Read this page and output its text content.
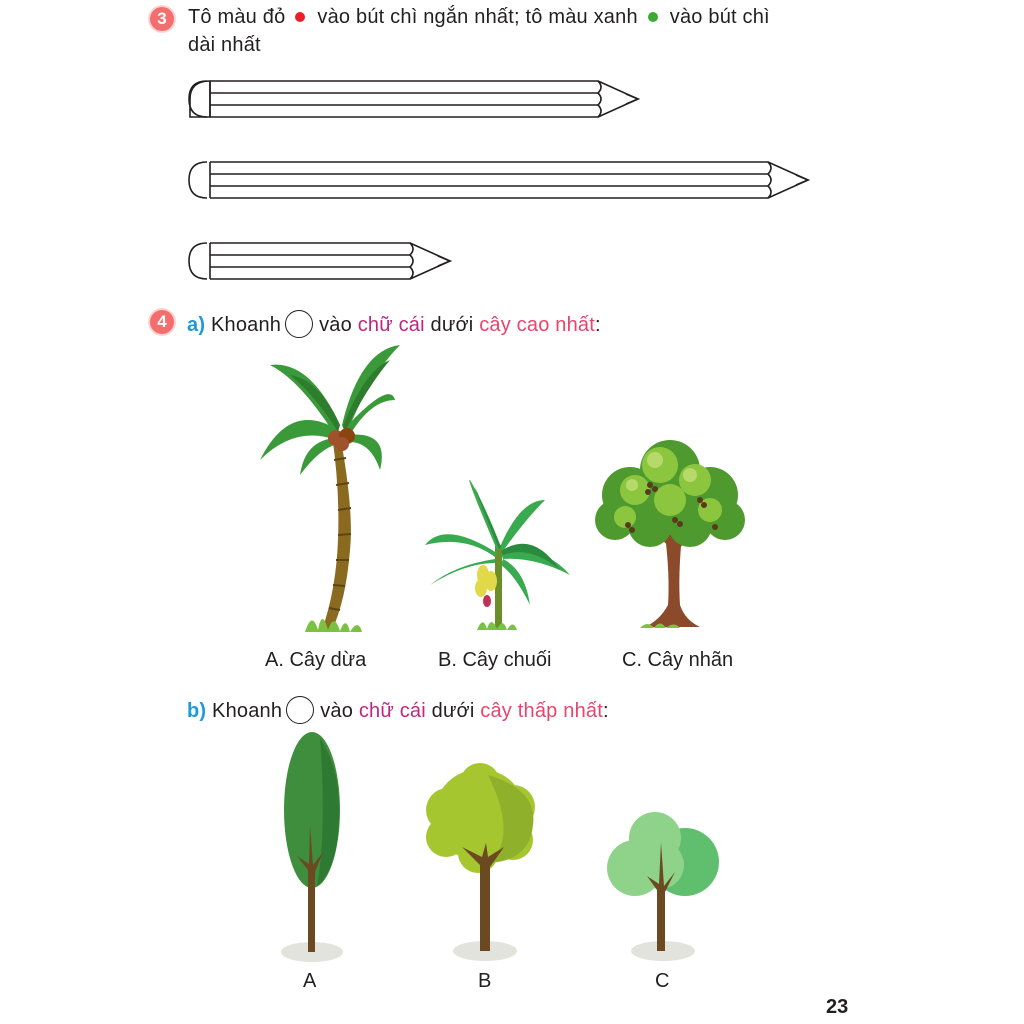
3	Tô màu đỏ vào bút chì ngắn nhất; tô màu xanh vào bút chì
dài nhất
4	a) Khoanh vào chữ cái dưới cây cao nhất:
A. Cây dừa	B. Cây chuối	C. Cây nhãn
b) Khoanh vào chữ cái dưới cây thấp nhất:
A	B	C
23
